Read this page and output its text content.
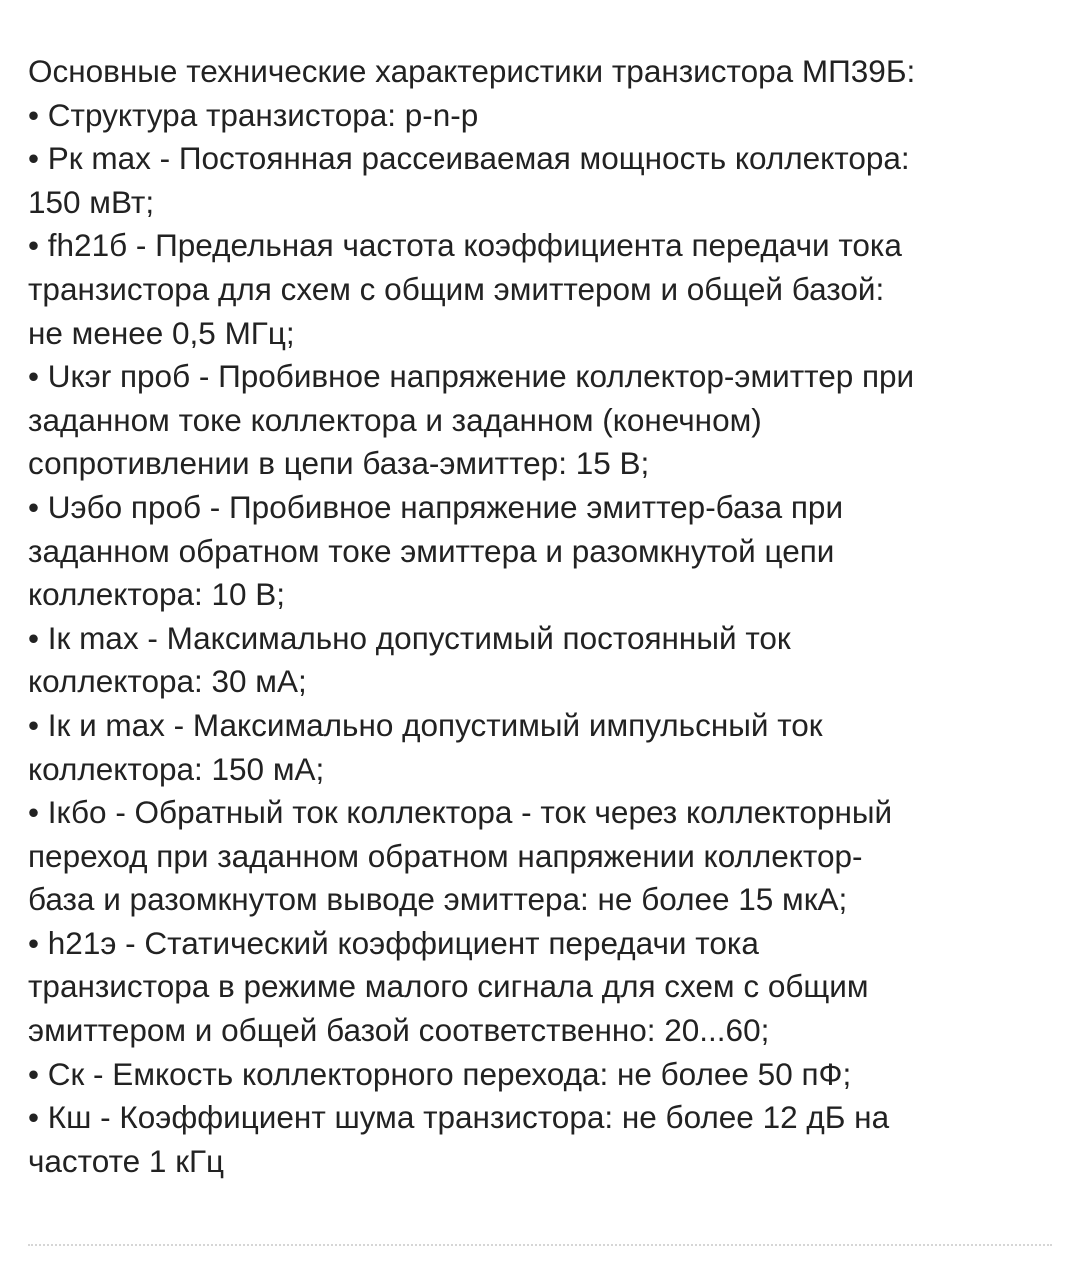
Основные технические характеристики транзистора МП39Б:
• Структура транзистора: p-n-p
• Pк max - Постоянная рассеиваемая мощность коллектора:
150 мВт;
• fh21б - Предельная частота коэффициента передачи тока
транзистора для схем с общим эмиттером и общей базой:
не менее 0,5 МГц;
• Uкэr проб - Пробивное напряжение коллектор-эмиттер при
заданном токе коллектора и заданном (конечном)
сопротивлении в цепи база-эмиттер: 15 В;
• Uэбо проб - Пробивное напряжение эмиттер-база при
заданном обратном токе эмиттера и разомкнутой цепи
коллектора: 10 В;
• Iк max - Максимально допустимый постоянный ток
коллектора: 30 мА;
• Iк и max - Максимально допустимый импульсный ток
коллектора: 150 мА;
• Iкбо - Обратный ток коллектора - ток через коллекторный
переход при заданном обратном напряжении коллектор-
база и разомкнутом выводе эмиттера: не более 15 мкА;
• h21э - Статический коэффициент передачи тока
транзистора в режиме малого сигнала для схем с общим
эмиттером и общей базой соответственно: 20...60;
• Cк - Емкость коллекторного перехода: не более 50 пФ;
• Кш - Коэффициент шума транзистора: не более 12 дБ на
частоте 1 кГц
